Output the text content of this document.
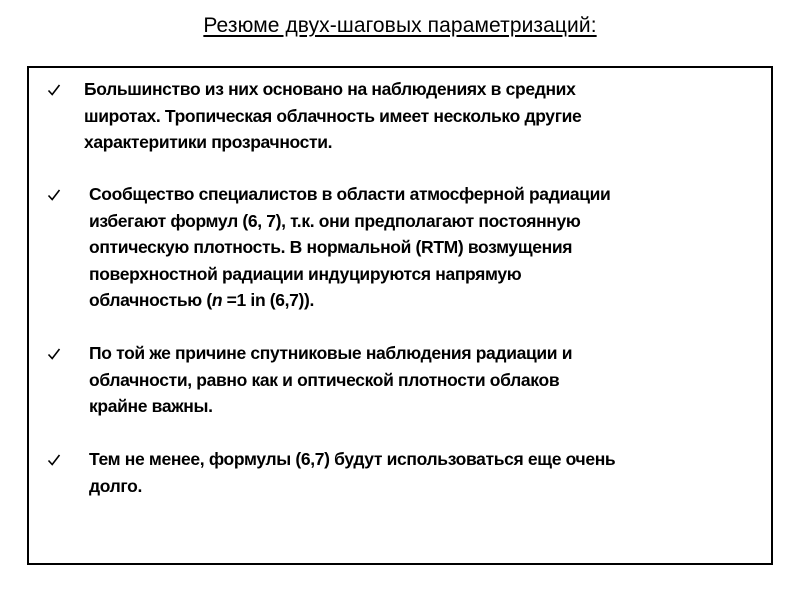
Резюме двух-шаговых параметризаций:

Большинство из них основано на наблюдениях в средних
широтах. Тропическая облачность имеет несколько другие
характеритики прозрачности.

Сообщество специалистов в области атмосферной радиации
избегают формул (6, 7), т.к. они предполагают постоянную
оптическую плотность. В нормальной (RTM) возмущения
поверхностной радиации индуцируются напрямую
облачностью (n =1 in (6,7)).

По той же причине спутниковые наблюдения радиации и
облачности, равно как и оптической плотности облаков
крайне важны.

Тем не менее, формулы (6,7) будут использоваться еще очень
долго.
